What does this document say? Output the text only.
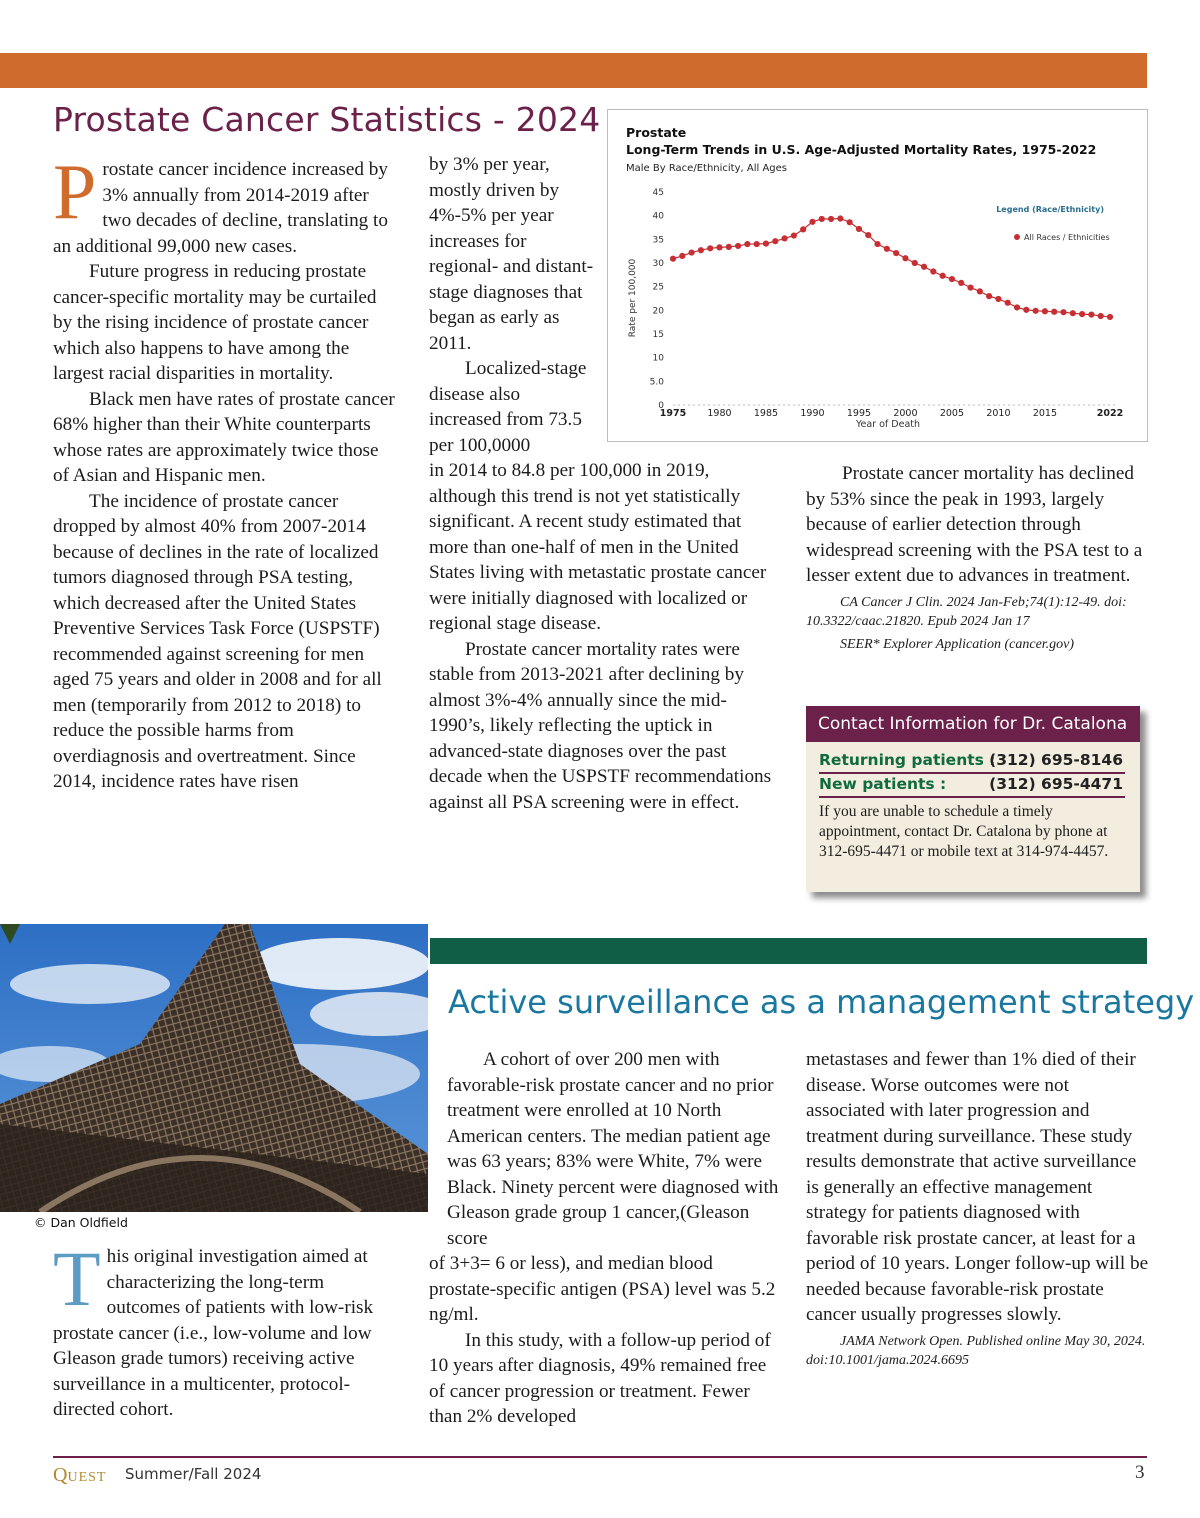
Prostate Cancer Statistics - 2024

Prostate cancer incidence increased by 3% annually from 2014-2019 after two decades of decline, translating to an additional 99,000 new cases.

Future progress in reducing prostate cancer-specific mortality may be curtailed by the rising incidence of prostate cancer which also happens to have among the largest racial disparities in mortality.

Black men have rates of prostate cancer 68% higher than their White counterparts whose rates are approximately twice those of Asian and Hispanic men.

The incidence of prostate cancer dropped by almost 40% from 2007-2014 because of declines in the rate of localized tumors diagnosed through PSA testing, which decreased after the United States Preventive Services Task Force (USPSTF) recommended against screening for men aged 75 years and older in 2008 and for all men (temporarily from 2012 to 2018) to reduce the possible harms from overdiagnosis and overtreatment. Since 2014, incidence rates have risen

by 3% per year, mostly driven by 4%-5% per year increases for regional- and distant-stage diagnoses that began as early as 2011.

Localized-stage disease also increased from 73.5 per 100,0000

in 2014 to 84.8 per 100,000 in 2019, although this trend is not yet statistically significant. A recent study estimated that more than one-half of men in the United States living with metastatic prostate cancer were initially diagnosed with localized or regional stage disease.

Prostate cancer mortality rates were stable from 2013-2021 after declining by almost 3%-4% annually since the mid-1990’s, likely reflecting the uptick in advanced-state diagnoses over the past decade when the USPSTF recommendations against all PSA screening were in effect.

Prostate
Long-Term Trends in U.S. Age-Adjusted Mortality Rates, 1975-2022
Male By Race/Ethnicity, All Ages
Rate per 100,000
Year of Death
Legend (Race/Ethnicity)
All Races / Ethnicities
0
5.0
10
15
20
25
30
35
40
45
1975 1980 1985 1990 1995 2000 2005 2010 2015	2022

Prostate cancer mortality has declined by 53% since the peak in 1993, largely because of earlier detection through widespread screening with the PSA test to a lesser extent due to advances in treatment.

CA Cancer J Clin. 2024 Jan-Feb;74(1):12-49. doi: 10.3322/caac.21820. Epub 2024 Jan 17

SEER* Explorer Application (cancer.gov)

Contact Information for Dr. Catalona
Returning patients :
(312) 695-8146
New patients :	(312) 695-4471
If you are unable to schedule a timely appointment, contact Dr. Catalona by phone at 312-695-4471 or mobile text at 314-974-4457.
© Dan Oldfield
Active surveillance as a management strategy

This original investigation aimed at characterizing the long-term outcomes of patients with low-risk prostate cancer (i.e., low-volume and low Gleason grade tumors) receiving active surveillance in a multicenter, protocol-directed cohort.

A cohort of over 200 men with favorable-risk prostate cancer and no prior treatment were enrolled at 10 North American centers. The median patient age was 63 years; 83% were White, 7% were Black. Ninety percent were diagnosed with Gleason grade group 1 cancer,(Gleason score

of 3+3= 6 or less), and median blood prostate-specific antigen (PSA) level was 5.2 ng/ml.

In this study, with a follow-up period of 10 years after diagnosis, 49% remained free of cancer progression or treatment. Fewer than 2% developed

metastases and fewer than 1% died of their disease. Worse outcomes were not associated with later progression and treatment during surveillance. These study results demonstrate that active surveillance is generally an effective management strategy for patients diagnosed with favorable risk prostate cancer, at least for a period of 10 years. Longer follow-up will be needed because favorable-risk prostate cancer usually progresses slowly.

JAMA Network Open. Published online May 30, 2024. doi:10.1001/jama.2024.6695

QUEST Summer/Fall 2024	3
